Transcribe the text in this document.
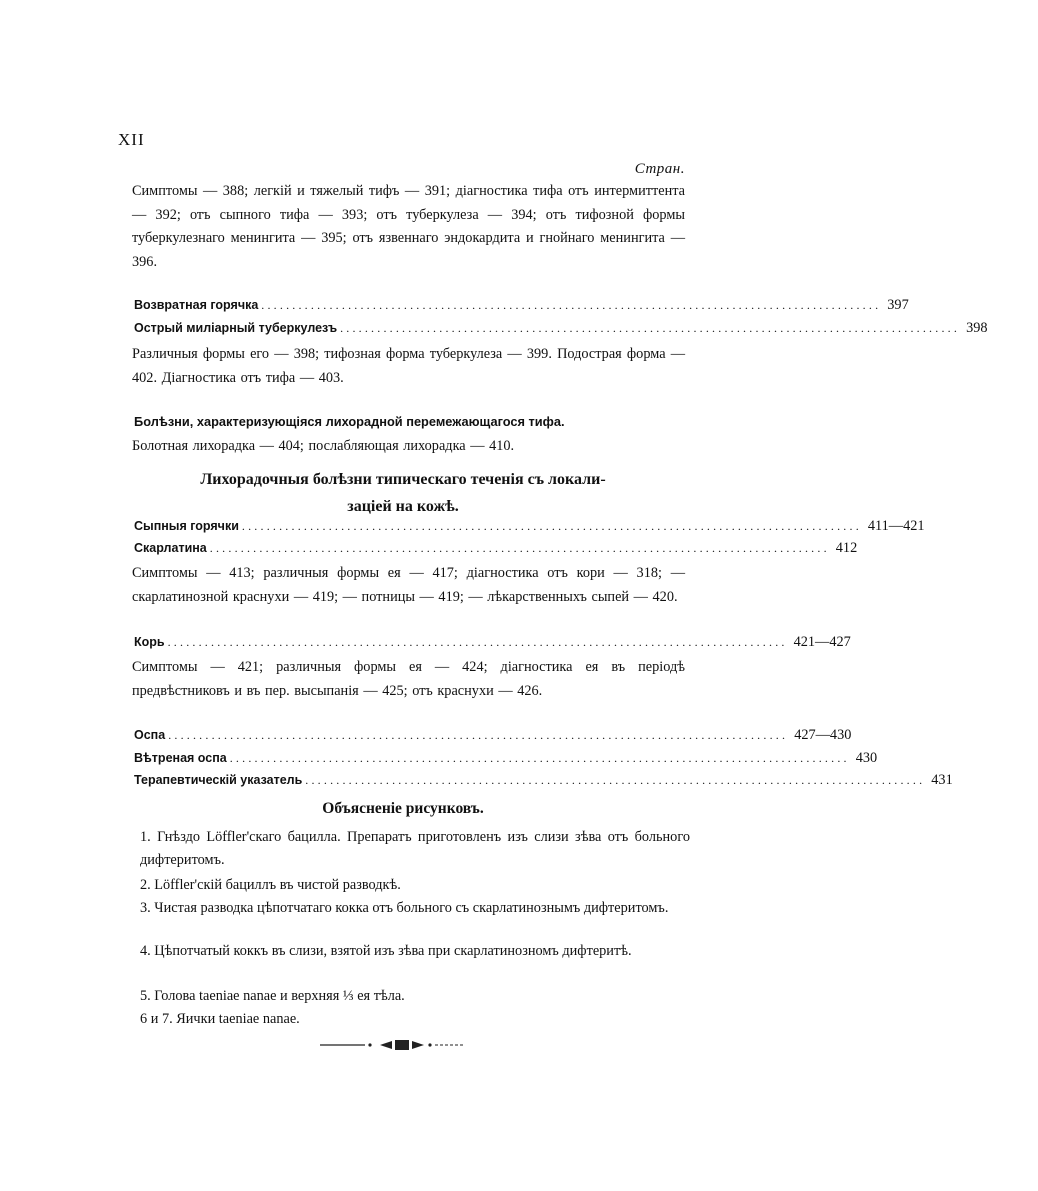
XII
Стран.
Симптомы — 388; легкій и тяжелый тифъ — 391; діагностика тифа отъ интермиттента — 392; отъ сыпного тифа — 393; отъ туберкулеза — 394; отъ тифозной формы туберкулезнаго менингита — 395; отъ язвеннаго эндокардита и гнойнаго менингита — 396.
Возвратная горячка .................................................................................................... 397
Острый милiарный туберкулезъ .................................................................................................... 398
Различныя формы его — 398; тифозная форма туберкулеза — 399. Подострая форма — 402. Діагностика отъ тифа — 403.
Болѣзни, характеризующіяся лихорадной перемежающагося тифа.
Болотная лихорадка — 404; послабляющая лихорадка — 410.
Лихорадочныя болѣзни типическаго теченія съ локали-
заціей на кожѣ.
Сыпныя горячки .................................................................................................... 411—421
Скарлатина .................................................................................................... 412
Симптомы — 413; различныя формы ея — 417; діагностика отъ кори — 318; — скарлатинозной краснухи — 419; — потницы — 419; — лѣкарственныхъ сыпей — 420.
Корь .................................................................................................... 421—427
Симптомы — 421; различныя формы ея — 424; діагностика ея въ періодѣ предвѣстниковъ и въ пер. высыпанія — 425; отъ краснухи — 426.
Оспа .................................................................................................... 427—430
Вѣтреная оспа .................................................................................................... 430
Терапевтическій указатель .................................................................................................... 431
Объясненіе рисунковъ.
1. Гнѣздо Löffler'скаго бацилла. Препаратъ приготовленъ изъ слизи зѣва отъ больного дифтеритомъ.
2. Löffler'скій бациллъ въ чистой разводкѣ.
3. Чистая разводка цѣпотчатаго кокка отъ больного съ скарлатинознымъ дифтеритомъ.
4. Цѣпотчатый коккъ въ слизи, взятой изъ зѣва при скарлатинозномъ дифтеритѣ.
5. Голова taeniae nanae и верхняя ⅓ ея тѣла.
6 и 7. Яички taeniae nanae.
